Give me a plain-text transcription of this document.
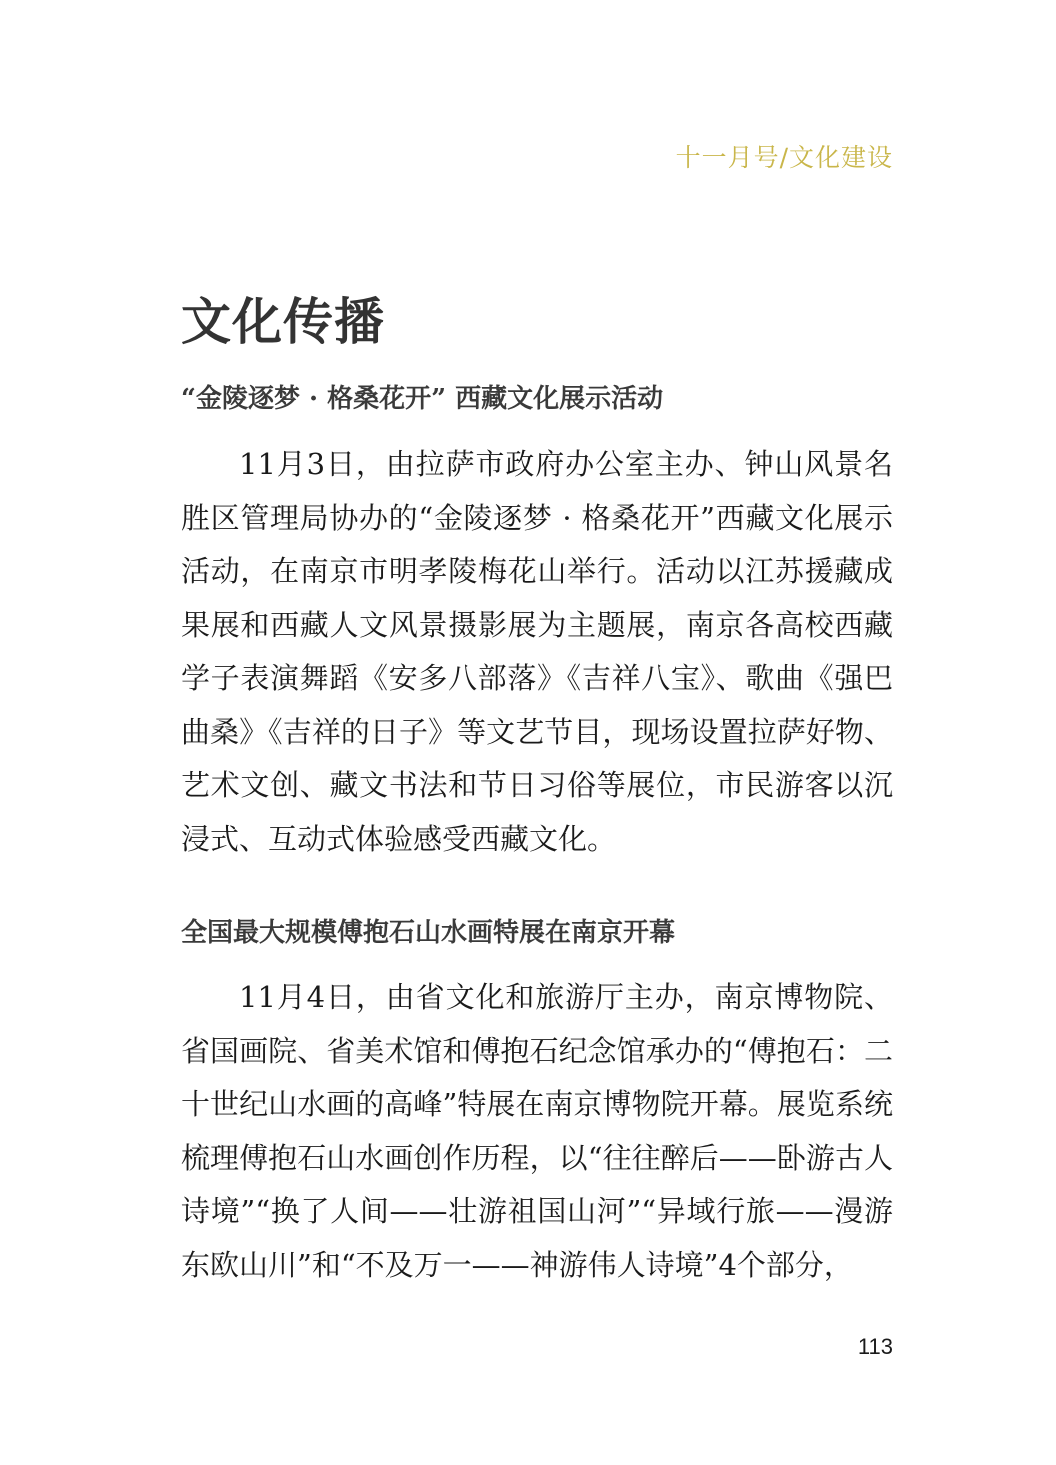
十一月号∕文化建设
文化传播
“金陵逐梦 · 格桑花开” 西藏文化展示活动

11月3日，由拉萨市政府办公室主办、钟山风景名胜区管理局协办的“金陵逐梦 · 格桑花开”西藏文化展示活动，在南京市明孝陵梅花山举行。活动以江苏援藏成果展和西藏人文风景摄影展为主题展，南京各高校西藏学子表演舞蹈《安多八部落》《吉祥八宝》、歌曲《强巴曲桑》《吉祥的日子》等文艺节目，现场设置拉萨好物、艺术文创、藏文书法和节日习俗等展位，市民游客以沉浸式、互动式体验感受西藏文化。

全国最大规模傅抱石山水画特展在南京开幕

11月4日，由省文化和旅游厅主办，南京博物院、省国画院、省美术馆和傅抱石纪念馆承办的“傅抱石：二十世纪山水画的高峰”特展在南京博物院开幕。展览系统梳理傅抱石山水画创作历程，以“往往醉后——卧游古人诗境”“换了人间——壮游祖国山河”“异域行旅——漫游东欧山川”和“不及万一——神游伟人诗境”4个部分，

113
